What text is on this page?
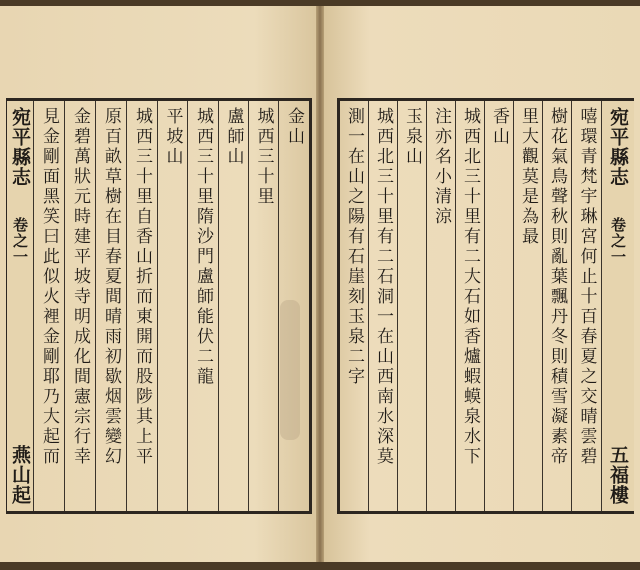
宛平縣志
卷之一
燕山起
見金剛面黑笑曰此似火裡金剛耶乃大起而 金碧萬狀元時建平坡寺明成化間憲宗行幸 原百畝草樹在目春夏間晴雨初歇烟雲變幻 城西三十里自香山折而東開而股陟其上平 平坡山 城西三十里隋沙門盧師能伏二龍 盧師山 城西三十里 金山 測一在山之陽有石崖刻玉泉二字 城西北三十里有二石洞一在山西南水深莫 玉泉山 注亦名小清涼 城西北三十里有二大石如香爐蝦蟆泉水下 香山 里大觀莫是為最 樹花氣鳥聲秋則亂葉飄丹冬則積雪凝素帝 嘻環青梵宇琳宮何止十百春夏之交晴雲碧 宛平縣志
卷之一
五福樓
